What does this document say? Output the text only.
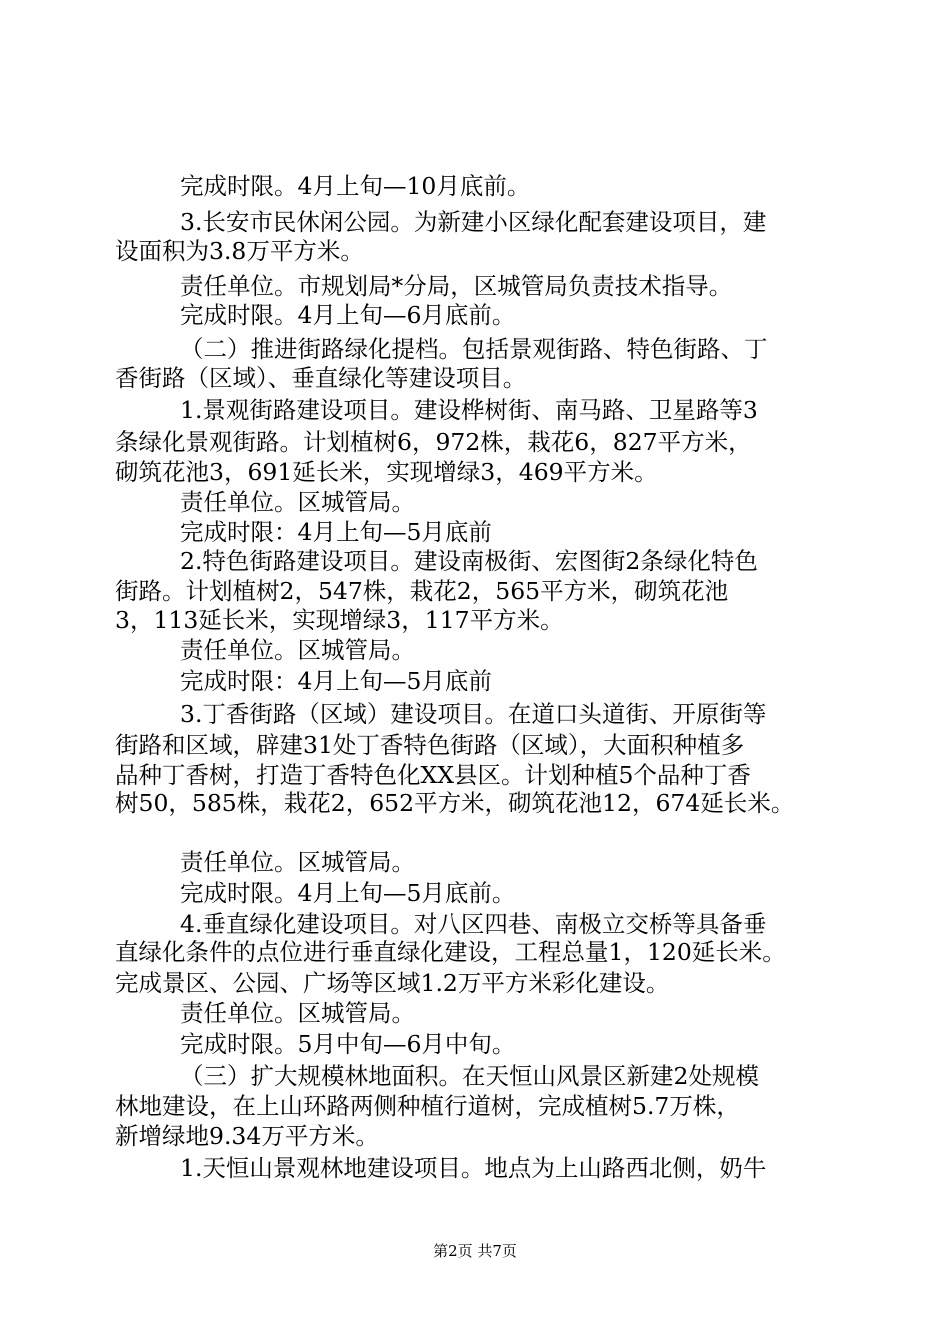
完成时限。4月上旬—10月底前。
3.长安市民休闲公园。为新建小区绿化配套建设项目，建
设面积为3.8万平方米。
责任单位。市规划局*分局，区城管局负责技术指导。
完成时限。4月上旬—6月底前。
（二）推进街路绿化提档。包括景观街路、特色街路、丁
香街路（区域）、垂直绿化等建设项目。
1.景观街路建设项目。建设桦树街、南马路、卫星路等3
条绿化景观街路。计划植树6，972株，栽花6，827平方米，
砌筑花池3，691延长米，实现增绿3，469平方米。
责任单位。区城管局。
完成时限：4月上旬—5月底前
2.特色街路建设项目。建设南极街、宏图街2条绿化特色
街路。计划植树2，547株，栽花2，565平方米，砌筑花池
3，113延长米，实现增绿3，117平方米。
责任单位。区城管局。
完成时限：4月上旬—5月底前
3.丁香街路（区域）建设项目。在道口头道街、开原街等
街路和区域，辟建31处丁香特色街路（区域），大面积种植多
品种丁香树，打造丁香特色化XX县区。计划种植5个品种丁香
树50，585株，栽花2，652平方米，砌筑花池12，674延长米。
责任单位。区城管局。
完成时限。4月上旬—5月底前。
4.垂直绿化建设项目。对八区四巷、南极立交桥等具备垂
直绿化条件的点位进行垂直绿化建设，工程总量1，120延长米。
完成景区、公园、广场等区域1.2万平方米彩化建设。
责任单位。区城管局。
完成时限。5月中旬—6月中旬。
（三）扩大规模林地面积。在天恒山风景区新建2处规模
林地建设，在上山环路两侧种植行道树，完成植树5.7万株，
新增绿地9.34万平方米。
1.天恒山景观林地建设项目。地点为上山路西北侧，奶牛
第2页 共7页
